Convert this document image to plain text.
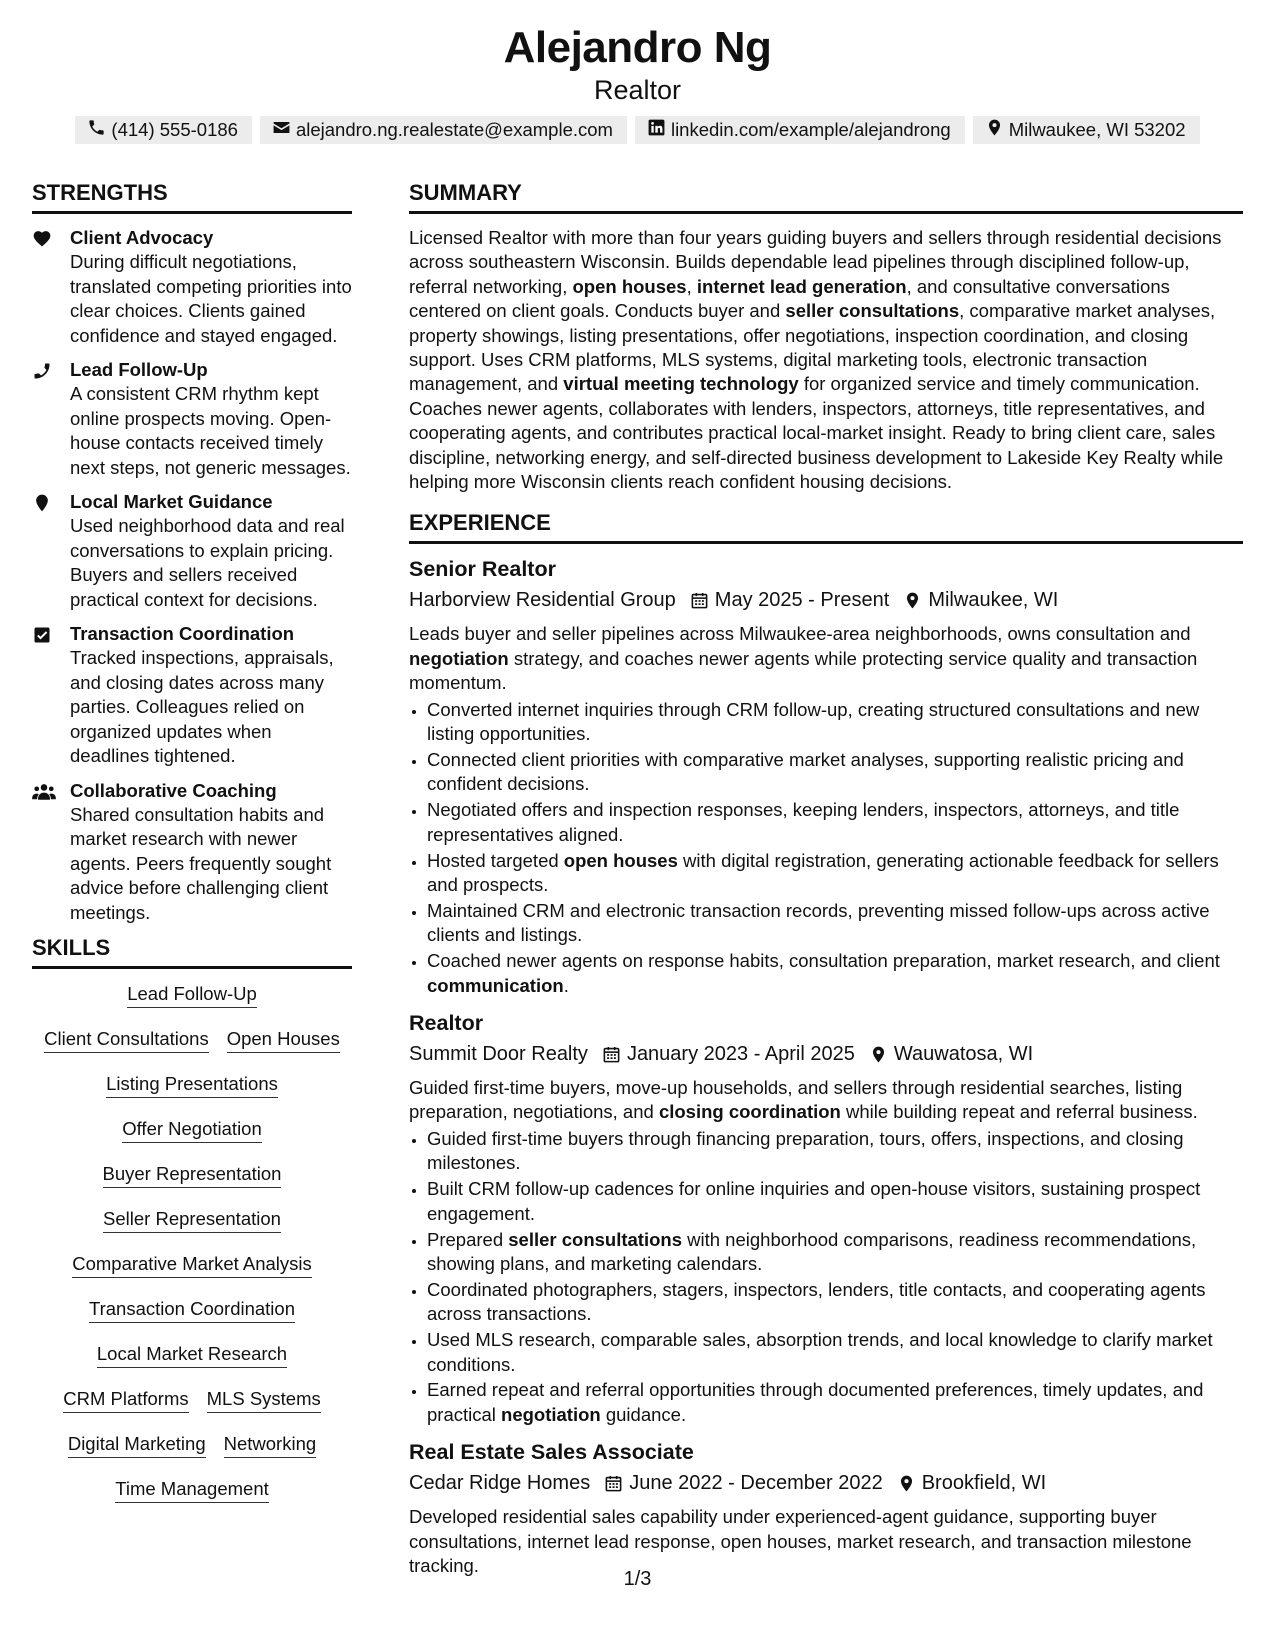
Alejandro Ng
Realtor
(414) 555-0186	alejandro.ng.realestate@example.com	linkedin.com/example/alejandrong	Milwaukee, WI 53202
STRENGTHS
Client Advocacy
During difficult negotiations, translated competing priorities into clear choices. Clients gained confidence and stayed engaged.
Lead Follow-Up
A consistent CRM rhythm kept online prospects moving. Open-house contacts received timely next steps, not generic messages.
Local Market Guidance
Used neighborhood data and real conversations to explain pricing. Buyers and sellers received practical context for decisions.
Transaction Coordination
Tracked inspections, appraisals, and closing dates across many parties. Colleagues relied on organized updates when deadlines tightened.
Collaborative Coaching
Shared consultation habits and market research with newer agents. Peers frequently sought advice before challenging client meetings.
SKILLS
Lead Follow-Up
Client Consultations Open Houses
Listing Presentations
Offer Negotiation
Buyer Representation
Seller Representation
Comparative Market Analysis
Transaction Coordination
Local Market Research
CRM Platforms MLS Systems
Digital Marketing Networking
Time Management
SUMMARY

Licensed Realtor with more than four years guiding buyers and sellers through residential decisions across southeastern Wisconsin. Builds dependable lead pipelines through disciplined follow-up, referral networking, open houses, internet lead generation, and consultative conversations centered on client goals. Conducts buyer and seller consultations, comparative market analyses, property showings, listing presentations, offer negotiations, inspection coordination, and closing support. Uses CRM platforms, MLS systems, digital marketing tools, electronic transaction management, and virtual meeting technology for organized service and timely communication. Coaches newer agents, collaborates with lenders, inspectors, attorneys, title representatives, and cooperating agents, and contributes practical local-market insight. Ready to bring client care, sales discipline, networking energy, and self-directed business development to Lakeside Key Realty while helping more Wisconsin clients reach confident housing decisions.

EXPERIENCE
Senior Realtor
Harborview Residential Group May 2025 - Present Milwaukee, WI

Leads buyer and seller pipelines across Milwaukee-area neighborhoods, owns consultation and negotiation strategy, and coaches newer agents while protecting service quality and transaction momentum.

• Converted internet inquiries through CRM follow-up, creating structured consultations and new listing opportunities.
• Connected client priorities with comparative market analyses, supporting realistic pricing and confident decisions.
• Negotiated offers and inspection responses, keeping lenders, inspectors, attorneys, and title representatives aligned.
• Hosted targeted open houses with digital registration, generating actionable feedback for sellers and prospects.
• Maintained CRM and electronic transaction records, preventing missed follow-ups across active clients and listings.
• Coached newer agents on response habits, consultation preparation, market research, and client communication.
Realtor
Summit Door Realty January 2023 - April 2025 Wauwatosa, WI

Guided first-time buyers, move-up households, and sellers through residential searches, listing preparation, negotiations, and closing coordination while building repeat and referral business.

• Guided first-time buyers through financing preparation, tours, offers, inspections, and closing milestones.
• Built CRM follow-up cadences for online inquiries and open-house visitors, sustaining prospect engagement.
• Prepared seller consultations with neighborhood comparisons, readiness recommendations, showing plans, and marketing calendars.
• Coordinated photographers, stagers, inspectors, lenders, title contacts, and cooperating agents across transactions.
• Used MLS research, comparable sales, absorption trends, and local knowledge to clarify market conditions.
• Earned repeat and referral opportunities through documented preferences, timely updates, and practical negotiation guidance.
Real Estate Sales Associate
Cedar Ridge Homes June 2022 - December 2022 Brookfield, WI

Developed residential sales capability under experienced-agent guidance, supporting buyer consultations, internet lead response, open houses, market research, and transaction milestone tracking.

1/3
